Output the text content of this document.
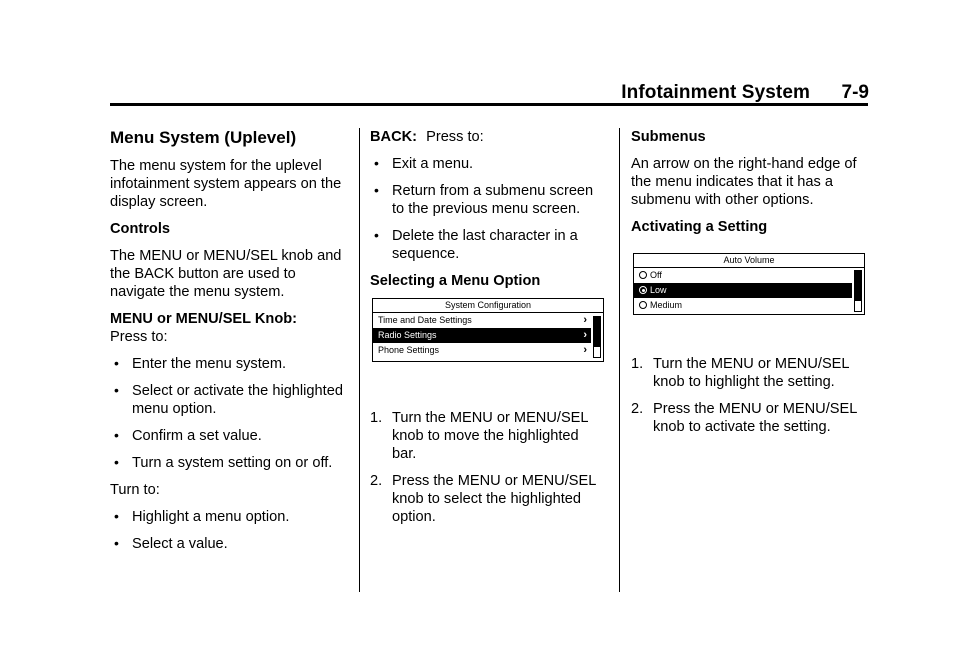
Infotainment System 7-9
Menu System (Uplevel)
The menu system for the uplevel infotainment system appears on the display screen.
Controls
The MENU or MENU/SEL knob and the BACK button are used to navigate the menu system.
MENU or MENU/SEL Knob:
Press to:
• Enter the menu system.
• Select or activate the highlighted menu option.
• Confirm a set value.
• Turn a system setting on or off.
Turn to:
• Highlight a menu option.
• Select a value.
BACK: Press to:
• Exit a menu.
• Return from a submenu screen to the previous menu screen.
• Delete the last character in a sequence.
Selecting a Menu Option
1. Turn the MENU or MENU/SEL knob to move the highlighted bar.
2. Press the MENU or MENU/SEL knob to select the highlighted option.
System Configuration
Time and Date Settings	›
Radio Settings	›
Phone Settings	›
Submenus
An arrow on the right-hand edge of the menu indicates that it has a submenu with other options.
Activating a Setting
1. Turn the MENU or MENU/SEL knob to highlight the setting.
2. Press the MENU or MENU/SEL knob to activate the setting.
Auto Volume
Off
Low
Medium
